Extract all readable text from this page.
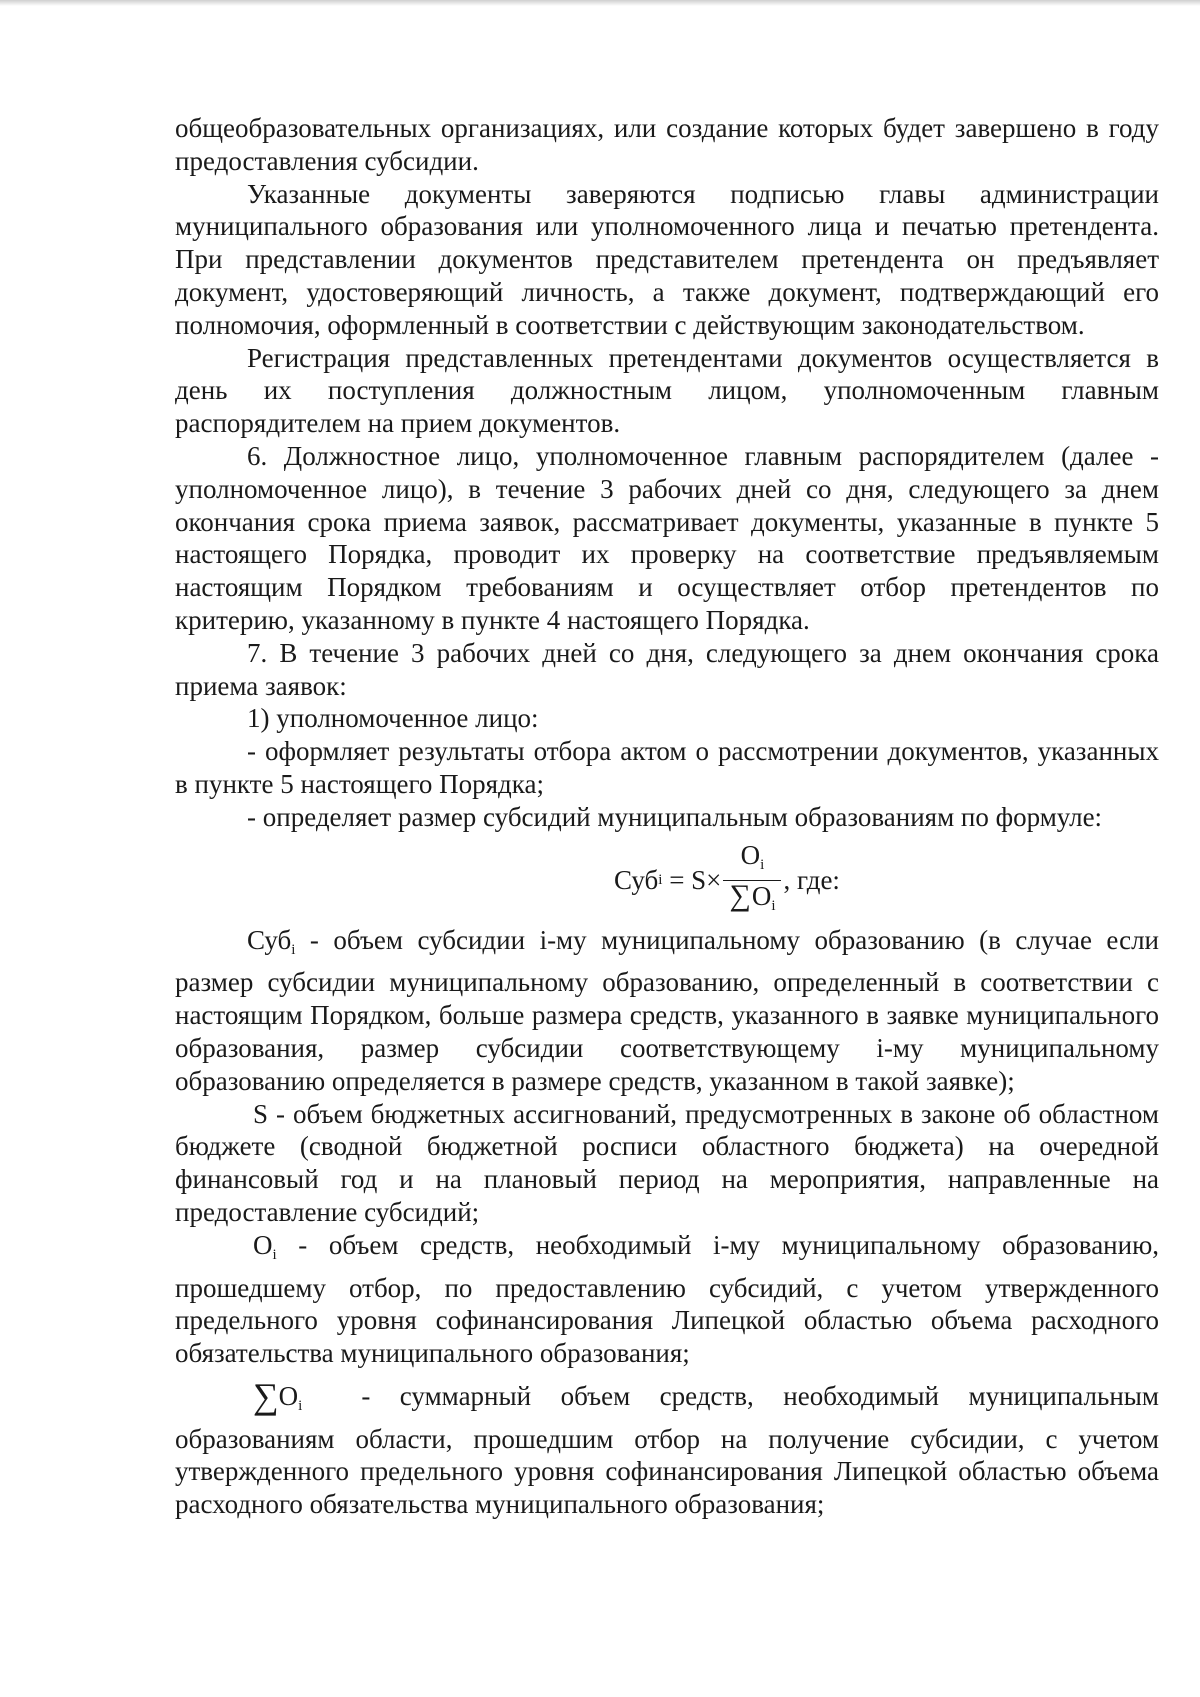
общеобразовательных организациях, или создание которых будет завершено в году предоставления субсидии.

Указанные документы заверяются подписью главы администрации муниципального образования или уполномоченного лица и печатью претендента. При представлении документов представителем претендента он предъявляет документ, удостоверяющий личность, а также документ, подтверждающий его полномочия, оформленный в соответствии с действующим законодательством.

Регистрация представленных претендентами документов осуществляется в день их поступления должностным лицом, уполномоченным главным распорядителем на прием документов.

6. Должностное лицо, уполномоченное главным распорядителем (далее - уполномоченное лицо), в течение 3 рабочих дней со дня, следующего за днем окончания срока приема заявок, рассматривает документы, указанные в пункте 5 настоящего Порядка, проводит их проверку на соответствие предъявляемым настоящим Порядком требованиям и осуществляет отбор претендентов по критерию, указанному в пункте 4 настоящего Порядка.

7. В течение 3 рабочих дней со дня, следующего за днем окончания срока приема заявок:

1) уполномоченное лицо:

- оформляет результаты отбора актом о рассмотрении документов, указанных в пункте 5 настоящего Порядка;

- определяет размер субсидий муниципальным образованиям по формуле:

Суб $i = S\times \frac{O_i}{\sum O_i}$ , где:

Суб$_i$ - объем субсидии i-му муниципальному образованию (в случае если размер субсидии муниципальному образованию, определенный в соответствии с настоящим Порядком, больше размера средств, указанного в заявке муниципального образования, размер субсидии соответствующему i-му муниципальному образованию определяется в размере средств, указанном в такой заявке);

S - объем бюджетных ассигнований, предусмотренных в законе об областном бюджете (сводной бюджетной росписи областного бюджета) на очередной финансовый год и на плановый период на мероприятия, направленные на предоставление субсидий;

$O_i$ - объем средств, необходимый i-му муниципальному образованию, прошедшему отбор, по предоставлению субсидий, с учетом утвержденного предельного уровня софинансирования Липецкой областью объема расходного обязательства муниципального образования;

$\sum O_i$  - суммарный объем средств, необходимый муниципальным образованиям области, прошедшим отбор на получение субсидии, с учетом утвержденного предельного уровня софинансирования Липецкой областью объема расходного обязательства муниципального образования;
